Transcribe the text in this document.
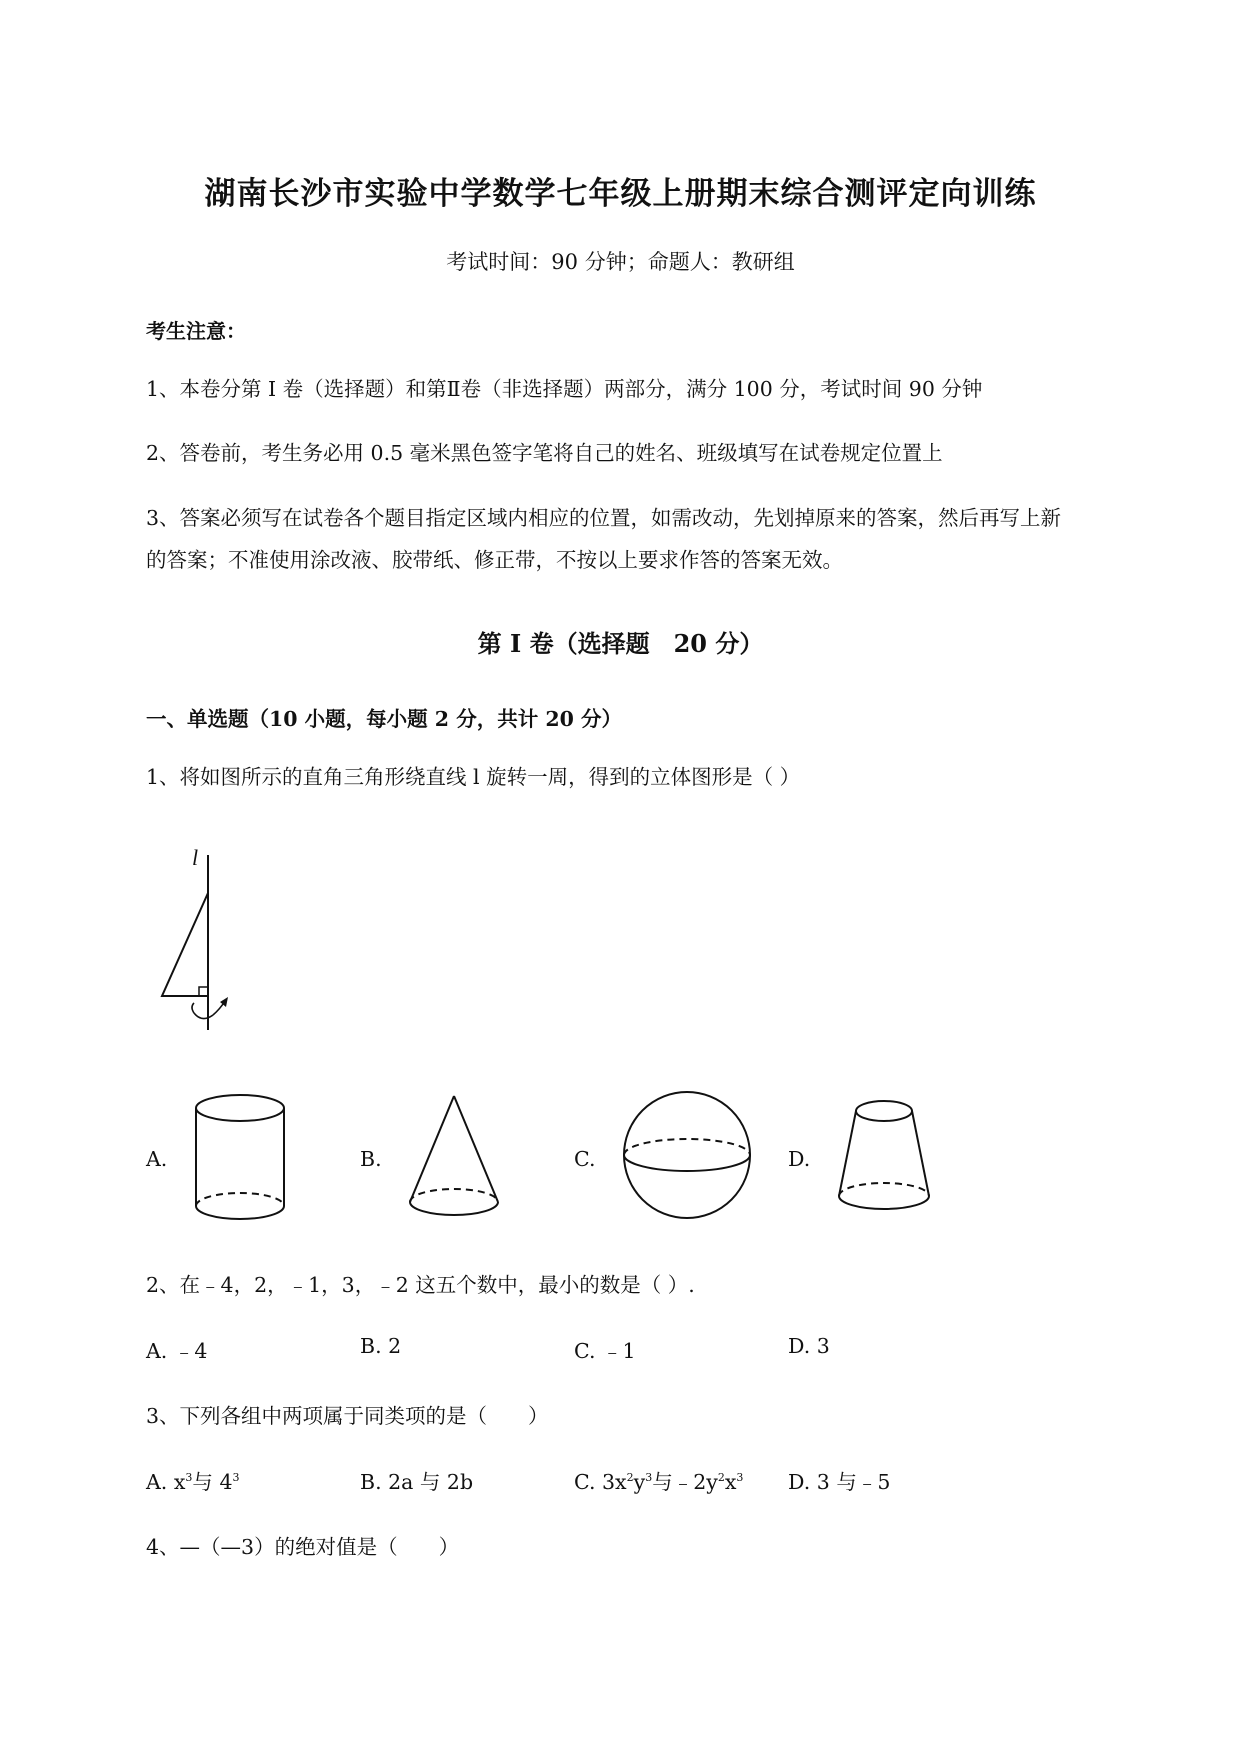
湖南长沙市实验中学数学七年级上册期末综合测评定向训练
考试时间：90 分钟；命题人：教研组
考生注意：
1、本卷分第 I 卷（选择题）和第Ⅱ卷（非选择题）两部分，满分 100 分，考试时间 90 分钟
2、答卷前，考生务必用 0.5 毫米黑色签字笔将自己的姓名、班级填写在试卷规定位置上
3、答案必须写在试卷各个题目指定区域内相应的位置，如需改动，先划掉原来的答案，然后再写上新
的答案；不准使用涂改液、胶带纸、修正带，不按以上要求作答的答案无效。
第 I 卷（选择题　20 分）
一、单选题（10 小题，每小题 2 分，共计 20 分）
1、将如图所示的直角三角形绕直线 l 旋转一周，得到的立体图形是（ ）
l
A.	B.	C.	D.
2、在﹣4，2，﹣1，3，﹣2 这五个数中，最小的数是（ ）.
A. ﹣4	B. 2	C. ﹣1	D. 3
3、下列各组中两项属于同类项的是（　　）
A. $x^3$与 $4^3$	B. 2a 与 2b	C. $3x^2y^3$与$﹣2y^2x^3$ D. 3 与﹣5
4、—（—3）的绝对值是（　　）
